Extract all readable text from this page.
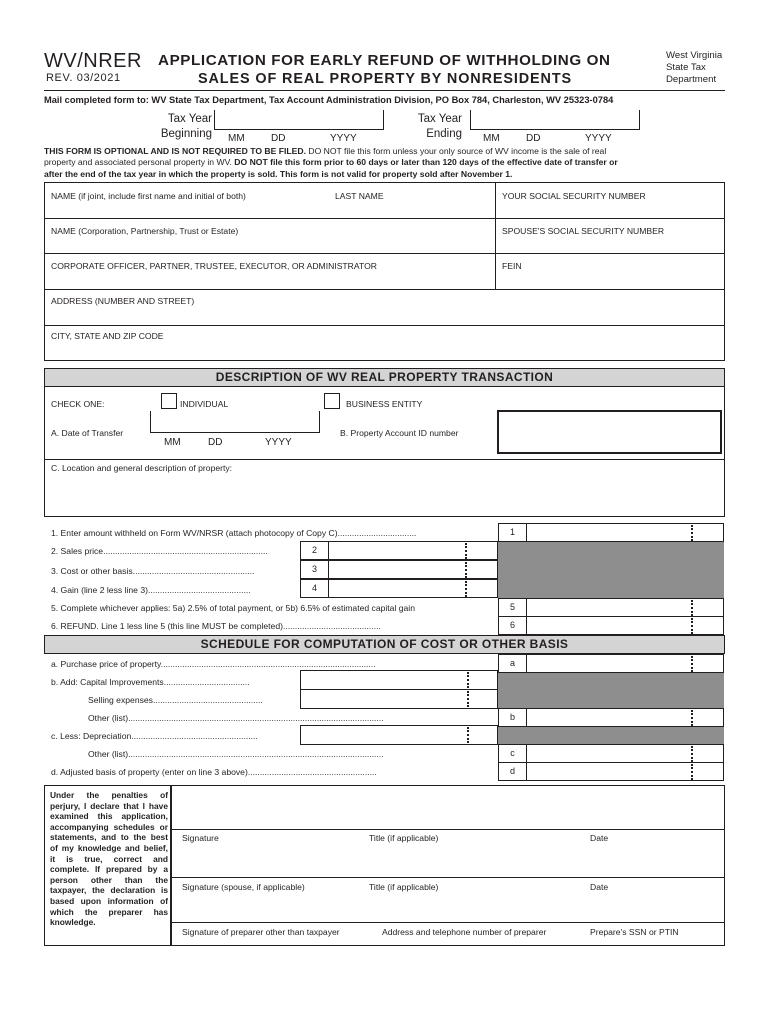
WV/NRER
REV. 03/2021
APPLICATION FOR EARLY REFUND OF WITHHOLDING ON
SALES OF REAL PROPERTY BY NONRESIDENTS
West Virginia
State Tax
Department
Mail completed form to: WV State Tax Department, Tax Account Administration Division, PO Box 784, Charleston, WV 25323-0784
Tax Year
Beginning MM	DD	YYYY
Tax Year
Ending MM	DD	YYYY
THIS FORM IS OPTIONAL AND IS NOT REQUIRED TO BE FILED. DO NOT file this form unless your only source of WV income is the sale of real
property and associated personal property in WV. DO NOT file this form prior to 60 days or later than 120 days of the effective date of transfer or
after the end of the tax year in which the property is sold. This form is not valid for property sold after November 1.
NAME (if joint, include first name and initial of both)	LAST NAME	YOUR SOCIAL SECURITY NUMBER
NAME (Corporation, Partnership, Trust or Estate)	SPOUSE'S SOCIAL SECURITY NUMBER
CORPORATE OFFICER, PARTNER, TRUSTEE, EXECUTOR, OR ADMINISTRATOR	FEIN
ADDRESS (NUMBER AND STREET)
CITY, STATE AND ZIP CODE
DESCRIPTION OF WV REAL PROPERTY TRANSACTION
CHECK ONE:	INDIVIDUAL	BUSINESS ENTITY
A. Date of Transfer
MM	DD	YYYY
B. Property Account ID number
C. Location and general description of property:
1. Enter amount withheld on Form WV/NRSR (attach photocopy of Copy C).................................	1
2. Sales price.....................................................................	2
3. Cost or other basis...................................................	3
4. Gain (line 2 less line 3)...........................................	4
5. Complete whichever applies: 5a) 2.5% of total payment, or 5b) 6.5% of estimated capital gain	5
6. REFUND. Line 1 less line 5 (this line MUST be completed).........................................	6
SCHEDULE FOR COMPUTATION OF COST OR OTHER BASIS
a. Purchase price of property..........................................................................................	a
b. Add: Capital Improvements....................................
Selling expenses..............................................
Other (list)...........................................................................................................	b
c. Less: Depreciation.....................................................
Other (list)...........................................................................................................	c
d. Adjusted basis of property (enter on line 3 above)......................................................	d
Under the penalties of perjury, I declare that I have examined this application, accompanying schedules or statements, and to the best of my knowledge and belief, it is true, correct and complete. If prepared by a person other than the taxpayer, the declaration is based upon information of which the preparer has knowledge.
Signature	Title (if applicable)	Date
Signature (spouse, if applicable)	Title (if applicable)	Date
Signature of preparer other than taxpayer	Address and telephone number of preparer	Prepare's SSN or PTIN
